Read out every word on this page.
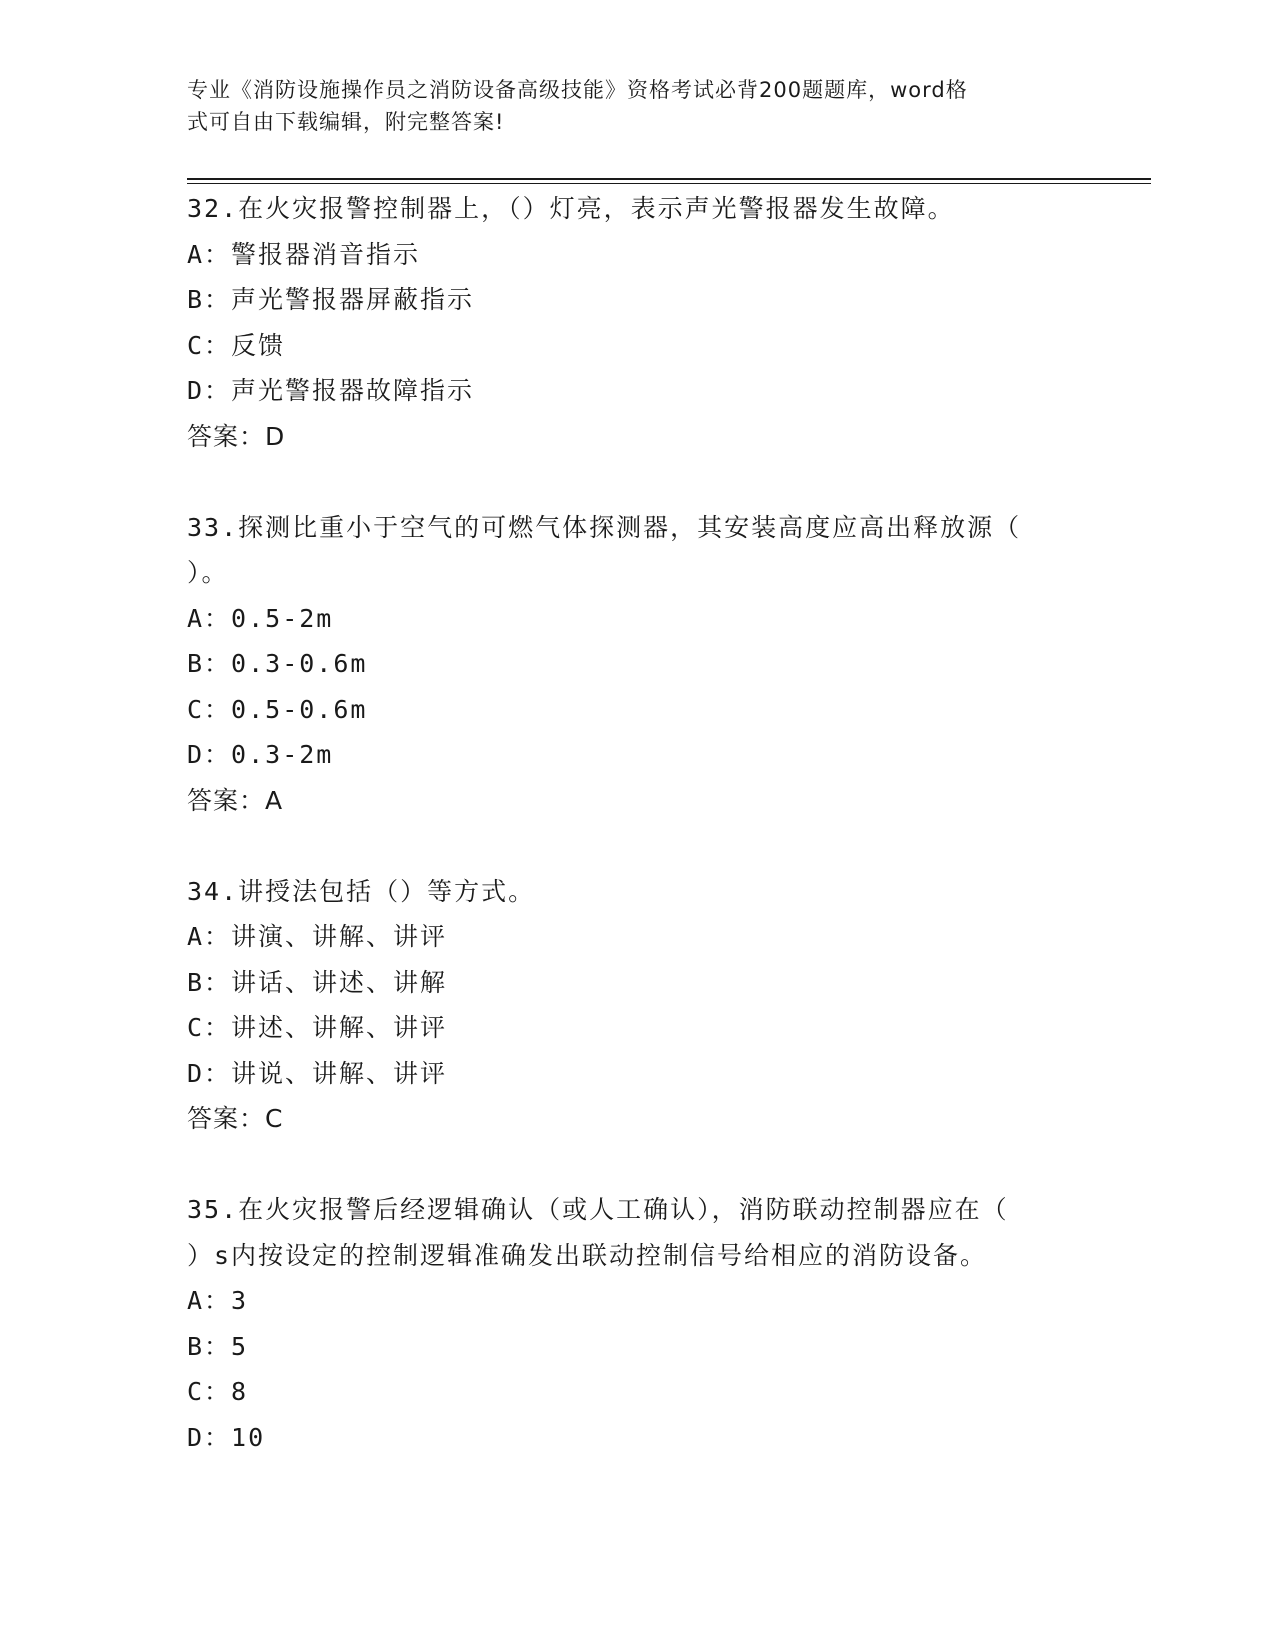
专业《消防设施操作员之消防设备高级技能》资格考试必背200题题库，word格
式可自由下载编辑，附完整答案!
32.在火灾报警控制器上，（）灯亮，表示声光警报器发生故障。
A：警报器消音指示
B：声光警报器屏蔽指示
C：反馈
D：声光警报器故障指示
答案：D
33.探测比重小于空气的可燃气体探测器，其安装高度应高出释放源（
）。
A：0.5-2m
B：0.3-0.6m
C：0.5-0.6m
D：0.3-2m
答案：A
34.讲授法包括（）等方式。
A：讲演、讲解、讲评
B：讲话、讲述、讲解
C：讲述、讲解、讲评
D：讲说、讲解、讲评
答案：C
35.在火灾报警后经逻辑确认（或人工确认），消防联动控制器应在（
）s内按设定的控制逻辑准确发出联动控制信号给相应的消防设备。
A：3
B：5
C：8
D：10
